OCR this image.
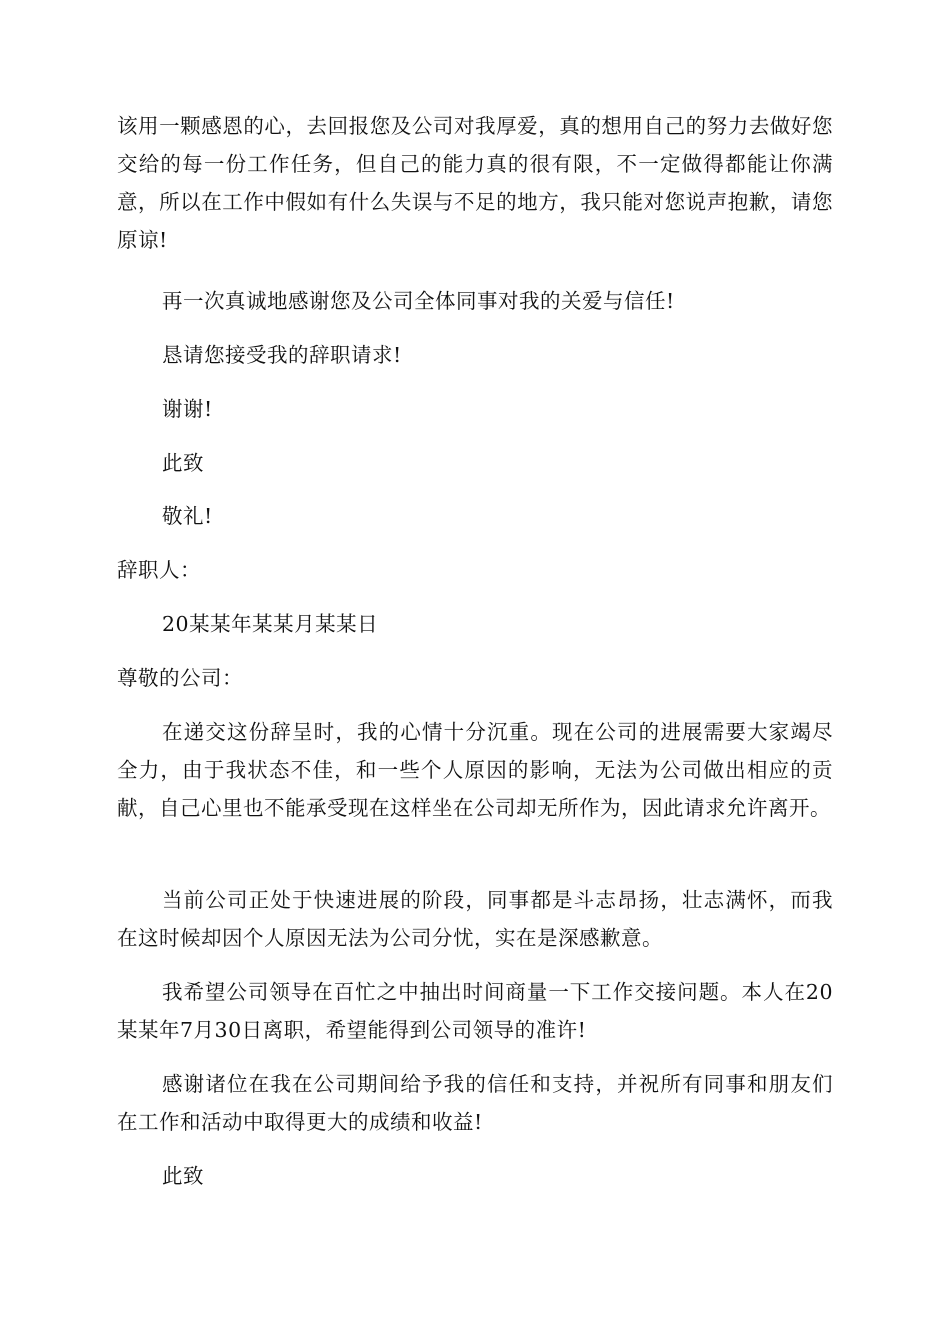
该用一颗感恩的心，去回报您及公司对我厚爱，真的想用自己的努力去做好您交给的每一份工作任务，但自己的能力真的很有限，不一定做得都能让你满意，所以在工作中假如有什么失误与不足的地方，我只能对您说声抱歉，请您原谅!

再一次真诚地感谢您及公司全体同事对我的关爱与信任!

恳请您接受我的辞职请求!

谢谢!

此致

敬礼!

辞职人：

20某某年某某月某某日

尊敬的公司：

在递交这份辞呈时，我的心情十分沉重。现在公司的进展需要大家竭尽全力，由于我状态不佳，和一些个人原因的影响，无法为公司做出相应的贡献，自己心里也不能承受现在这样坐在公司却无所作为，因此请求允许离开。

当前公司正处于快速进展的阶段，同事都是斗志昂扬，壮志满怀，而我在这时候却因个人原因无法为公司分忧，实在是深感歉意。

我希望公司领导在百忙之中抽出时间商量一下工作交接问题。本人在20某某年7月30日离职，希望能得到公司领导的准许!

感谢诸位在我在公司期间给予我的信任和支持，并祝所有同事和朋友们在工作和活动中取得更大的成绩和收益!

此致
